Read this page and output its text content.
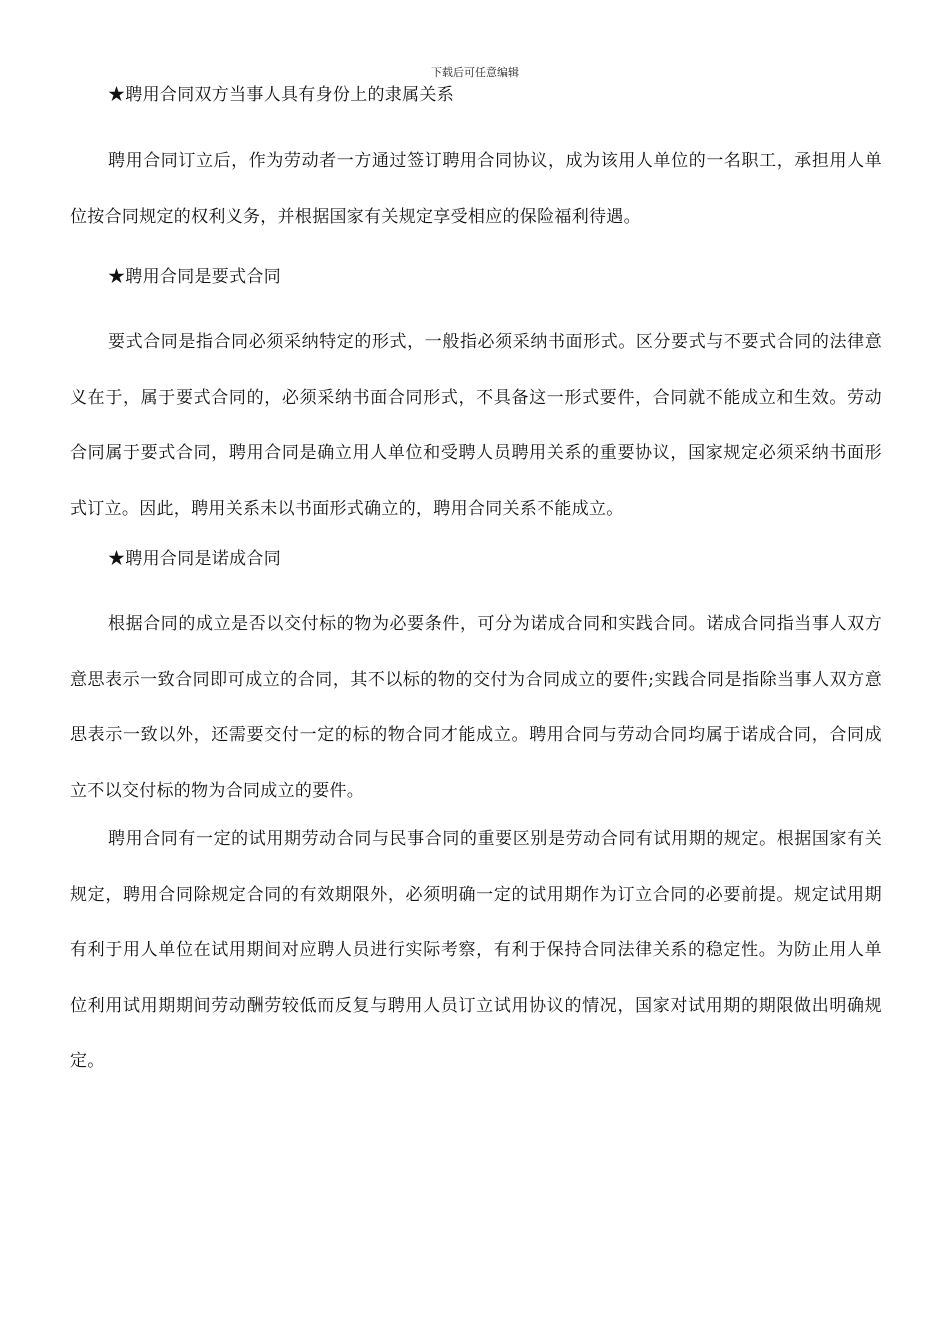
下载后可任意编辑
★聘用合同双方当事人具有身份上的隶属关系
聘用合同订立后，作为劳动者一方通过签订聘用合同协议，成为该用人单位的一名职工，承担用人单位按合同规定的权利义务，并根据国家有关规定享受相应的保险福利待遇。
★聘用合同是要式合同
要式合同是指合同必须采纳特定的形式，一般指必须采纳书面形式。区分要式与不要式合同的法律意义在于，属于要式合同的，必须采纳书面合同形式，不具备这一形式要件，合同就不能成立和生效。劳动合同属于要式合同，聘用合同是确立用人单位和受聘人员聘用关系的重要协议，国家规定必须采纳书面形式订立。因此，聘用关系未以书面形式确立的，聘用合同关系不能成立。
★聘用合同是诺成合同
根据合同的成立是否以交付标的物为必要条件，可分为诺成合同和实践合同。诺成合同指当事人双方意思表示一致合同即可成立的合同，其不以标的物的交付为合同成立的要件;实践合同是指除当事人双方意思表示一致以外，还需要交付一定的标的物合同才能成立。聘用合同与劳动合同均属于诺成合同，合同成立不以交付标的物为合同成立的要件。
聘用合同有一定的试用期劳动合同与民事合同的重要区别是劳动合同有试用期的规定。根据国家有关规定，聘用合同除规定合同的有效期限外，必须明确一定的试用期作为订立合同的必要前提。规定试用期有利于用人单位在试用期间对应聘人员进行实际考察，有利于保持合同法律关系的稳定性。为防止用人单位利用试用期期间劳动酬劳较低而反复与聘用人员订立试用协议的情况，国家对试用期的期限做出明确规定。
